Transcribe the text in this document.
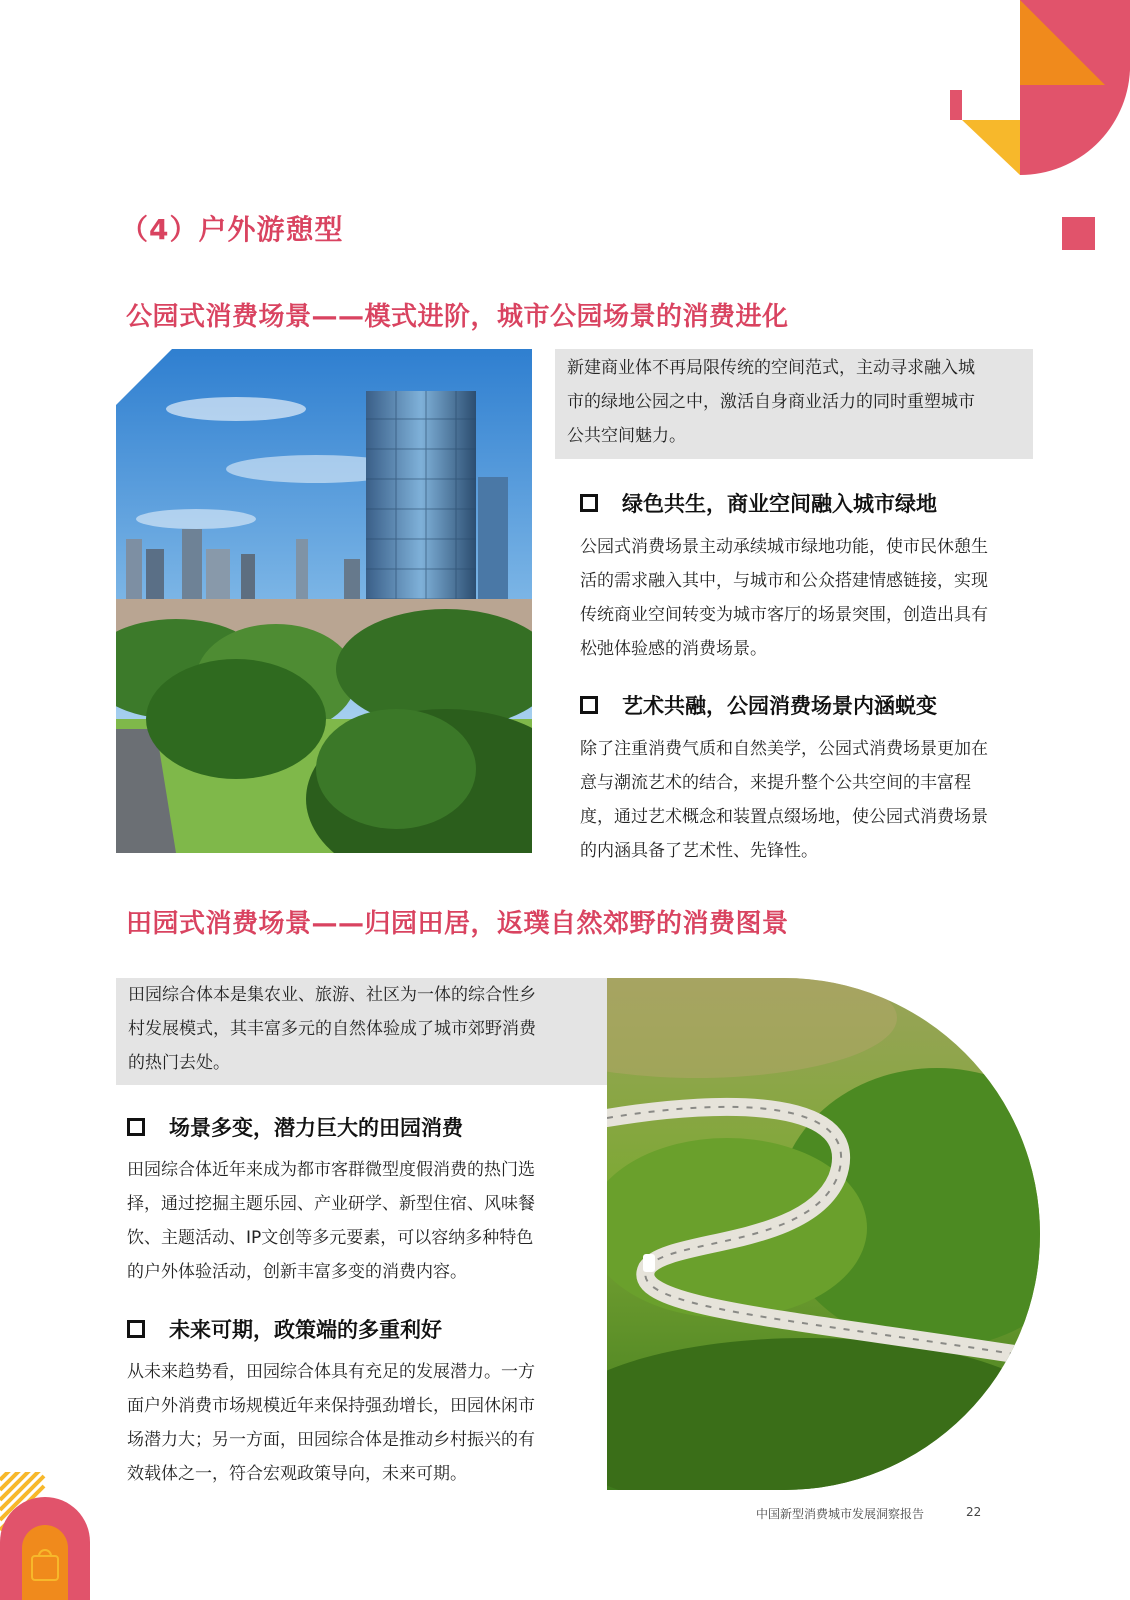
（4）户外游憩型
公园式消费场景——模式进阶，城市公园场景的消费进化
新建商业体不再局限传统的空间范式，主动寻求融入城
市的绿地公园之中，激活自身商业活力的同时重塑城市
公共空间魅力。
绿色共生，商业空间融入城市绿地
公园式消费场景主动承续城市绿地功能，使市民休憩生
活的需求融入其中，与城市和公众搭建情感链接，实现
传统商业空间转变为城市客厅的场景突围，创造出具有
松弛体验感的消费场景。
艺术共融，公园消费场景内涵蜕变
除了注重消费气质和自然美学，公园式消费场景更加在
意与潮流艺术的结合，来提升整个公共空间的丰富程
度，通过艺术概念和装置点缀场地，使公园式消费场景
的内涵具备了艺术性、先锋性。
田园式消费场景——归园田居，返璞自然郊野的消费图景
田园综合体本是集农业、旅游、社区为一体的综合性乡
村发展模式，其丰富多元的自然体验成了城市郊野消费
的热门去处。
场景多变，潜力巨大的田园消费
田园综合体近年来成为都市客群微型度假消费的热门选
择，通过挖掘主题乐园、产业研学、新型住宿、风味餐
饮、主题活动、IP文创等多元要素，可以容纳多种特色
的户外体验活动，创新丰富多变的消费内容。
未来可期，政策端的多重利好
从未来趋势看，田园综合体具有充足的发展潜力。一方
面户外消费市场规模近年来保持强劲增长，田园休闲市
场潜力大；另一方面，田园综合体是推动乡村振兴的有
效载体之一，符合宏观政策导向，未来可期。
中国新型消费城市发展洞察报告	22
